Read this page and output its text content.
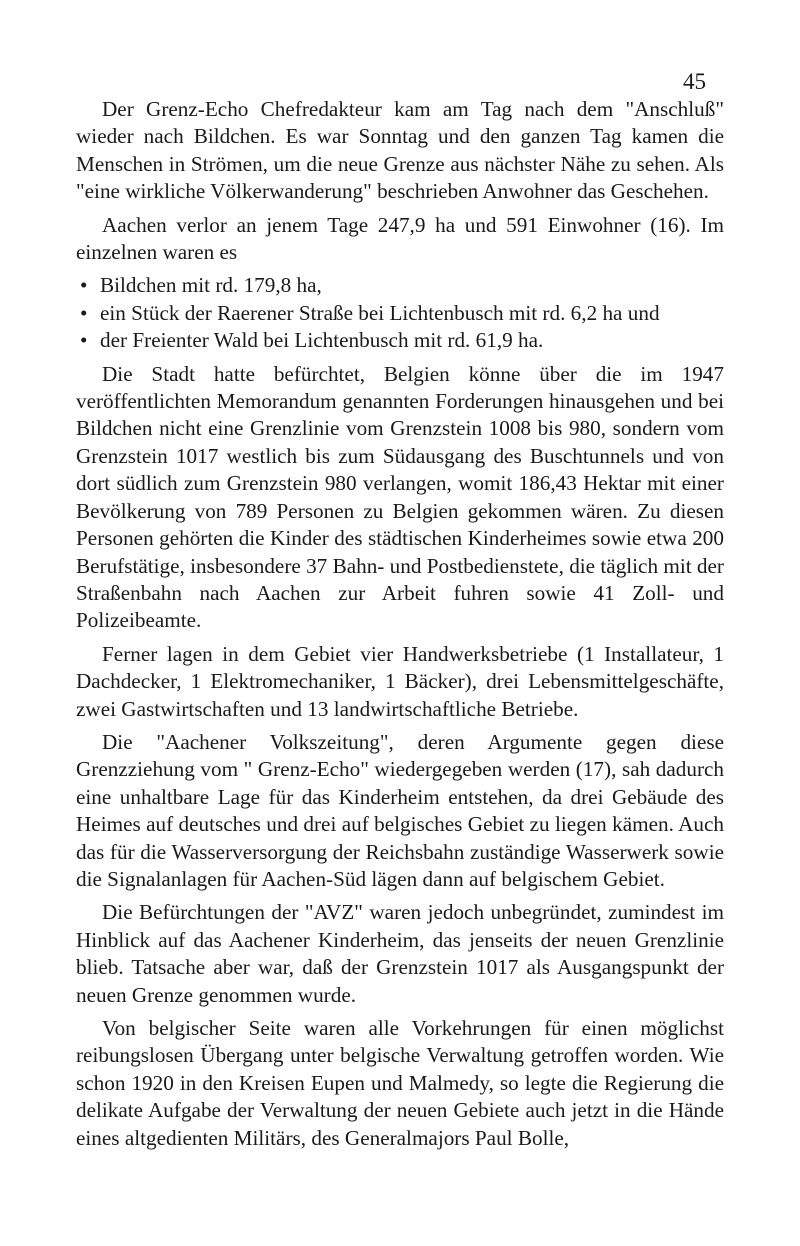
45

Der Grenz-Echo Chefredakteur kam am Tag nach dem "Anschluß" wieder nach Bildchen. Es war Sonntag und den ganzen Tag kamen die Menschen in Strömen, um die neue Grenze aus nächster Nähe zu sehen. Als "eine wirkliche Völkerwanderung" beschrieben Anwohner das Geschehen.

Aachen verlor an jenem Tage 247,9 ha und 591 Einwohner (16). Im einzelnen waren es

• Bildchen mit rd. 179,8 ha,
• ein Stück der Raerener Straße bei Lichtenbusch mit rd. 6,2 ha und
• der Freienter Wald bei Lichtenbusch mit rd. 61,9 ha.

Die Stadt hatte befürchtet, Belgien könne über die im 1947 veröffentlichten Memorandum genannten Forderungen hinausgehen und bei Bildchen nicht eine Grenzlinie vom Grenzstein 1008 bis 980, sondern vom Grenzstein 1017 westlich bis zum Südausgang des Buschtunnels und von dort südlich zum Grenzstein 980 verlangen, womit 186,43 Hektar mit einer Bevölkerung von 789 Personen zu Belgien gekommen wären. Zu diesen Personen gehörten die Kinder des städtischen Kinderheimes sowie etwa 200 Berufstätige, insbesondere 37 Bahn- und Postbedienstete, die täglich mit der Straßenbahn nach Aachen zur Arbeit fuhren sowie 41 Zoll- und Polizeibeamte.

Ferner lagen in dem Gebiet vier Handwerksbetriebe (1 Installateur, 1 Dachdecker, 1 Elektromechaniker, 1 Bäcker), drei Lebensmittelgeschäfte, zwei Gastwirtschaften und 13 landwirtschaftliche Betriebe.

Die "Aachener Volkszeitung", deren Argumente gegen diese Grenzziehung vom " Grenz-Echo" wiedergegeben werden (17), sah dadurch eine unhaltbare Lage für das Kinderheim entstehen, da drei Gebäude des Heimes auf deutsches und drei auf belgisches Gebiet zu liegen kämen. Auch das für die Wasserversorgung der Reichsbahn zuständige Wasserwerk sowie die Signalanlagen für Aachen-Süd lägen dann auf belgischem Gebiet.

Die Befürchtungen der "AVZ" waren jedoch unbegründet, zumindest im Hinblick auf das Aachener Kinderheim, das jenseits der neuen Grenzlinie blieb. Tatsache aber war, daß der Grenzstein 1017 als Ausgangspunkt der neuen Grenze genommen wurde.

Von belgischer Seite waren alle Vorkehrungen für einen möglichst reibungslosen Übergang unter belgische Verwaltung getroffen worden. Wie schon 1920 in den Kreisen Eupen und Malmedy, so legte die Regierung die delikate Aufgabe der Verwaltung der neuen Gebiete auch jetzt in die Hände eines altgedienten Militärs, des Generalmajors Paul Bolle,
